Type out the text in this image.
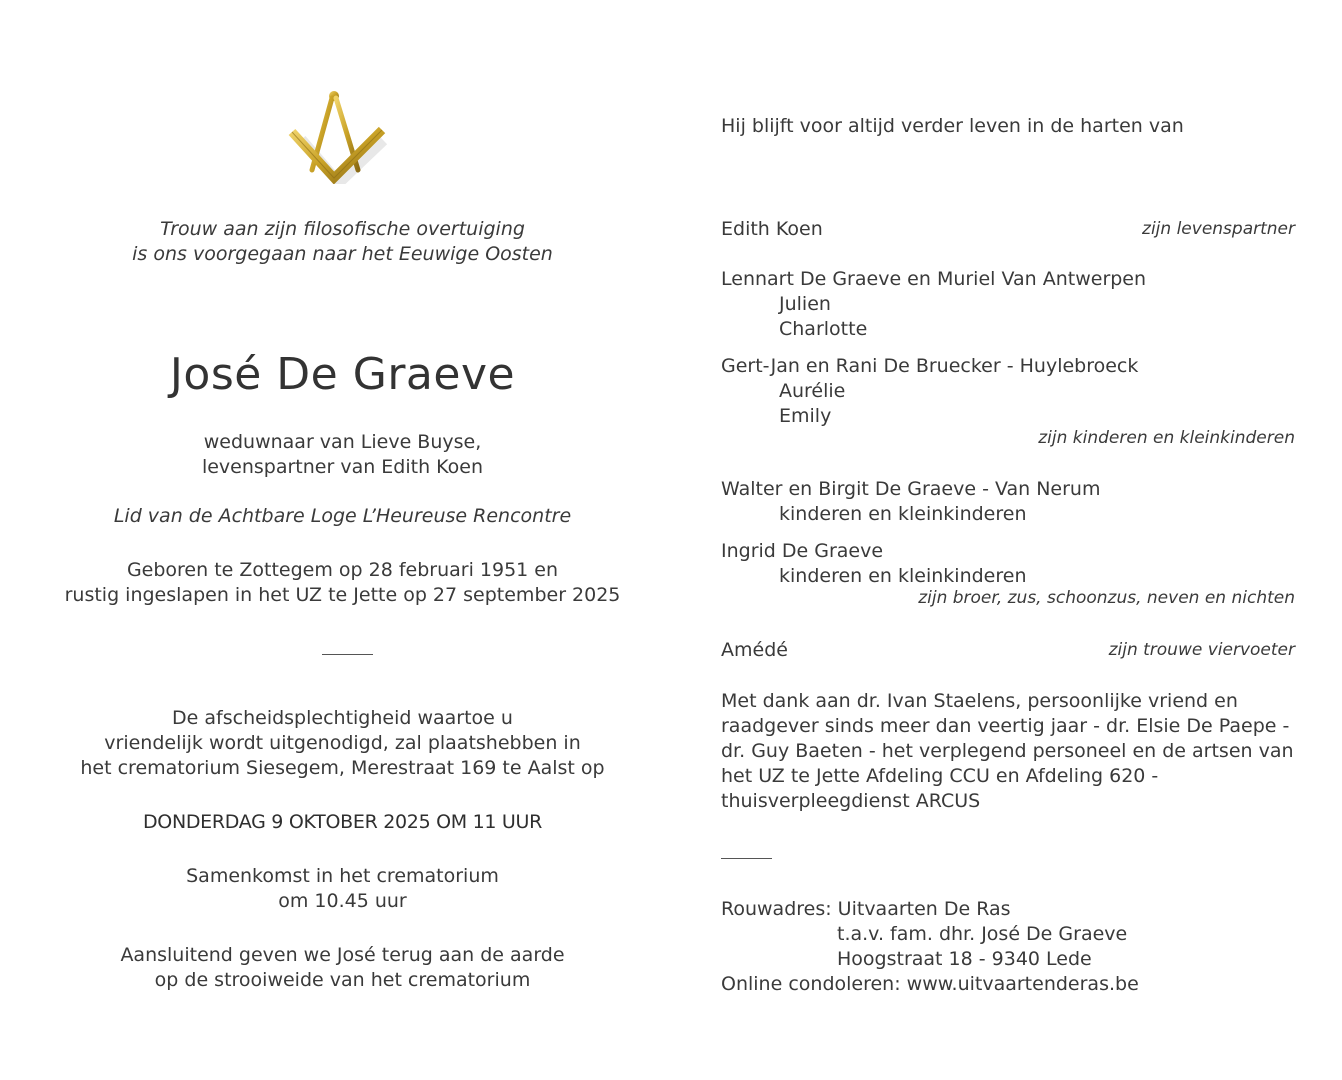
Trouw aan zijn filosofische overtuiging
is ons voorgegaan naar het Eeuwige Oosten
José De Graeve
weduwnaar van Lieve Buyse,
levenspartner van Edith Koen
Lid van de Achtbare Loge L’Heureuse Rencontre
Geboren te Zottegem op 28 februari 1951 en
rustig ingeslapen in het UZ te Jette op 27 september 2025
De afscheidsplechtigheid waartoe u
vriendelijk wordt uitgenodigd, zal plaatshebben in
het crematorium Siesegem, Merestraat 169 te Aalst op
DONDERDAG 9 OKTOBER 2025 OM 11 UUR
Samenkomst in het crematorium
om 10.45 uur
Aansluitend geven we José terug aan de aarde
op de strooiweide van het crematorium
Hij blijft voor altijd verder leven in de harten van
Edith Koen	zijn levenspartner
Lennart De Graeve en Muriel Van Antwerpen
Julien
Charlotte
Gert-Jan en Rani De Bruecker - Huylebroeck
Aurélie
Emily
zijn kinderen en kleinkinderen
Walter en Birgit De Graeve - Van Nerum
kinderen en kleinkinderen
Ingrid De Graeve
kinderen en kleinkinderen
zijn broer, zus, schoonzus, neven en nichten
Amédé	zijn trouwe viervoeter
Met dank aan dr. Ivan Staelens, persoonlijke vriend en
raadgever sinds meer dan veertig jaar - dr. Elsie De Paepe -
dr. Guy Baeten - het verplegend personeel en de artsen van
het UZ te Jette Afdeling CCU en Afdeling 620 -
thuisverpleegdienst ARCUS
Rouwadres: Uitvaarten De Ras
t.a.v. fam. dhr. José De Graeve
Hoogstraat 18 - 9340 Lede
Online condoleren: www.uitvaartenderas.be
